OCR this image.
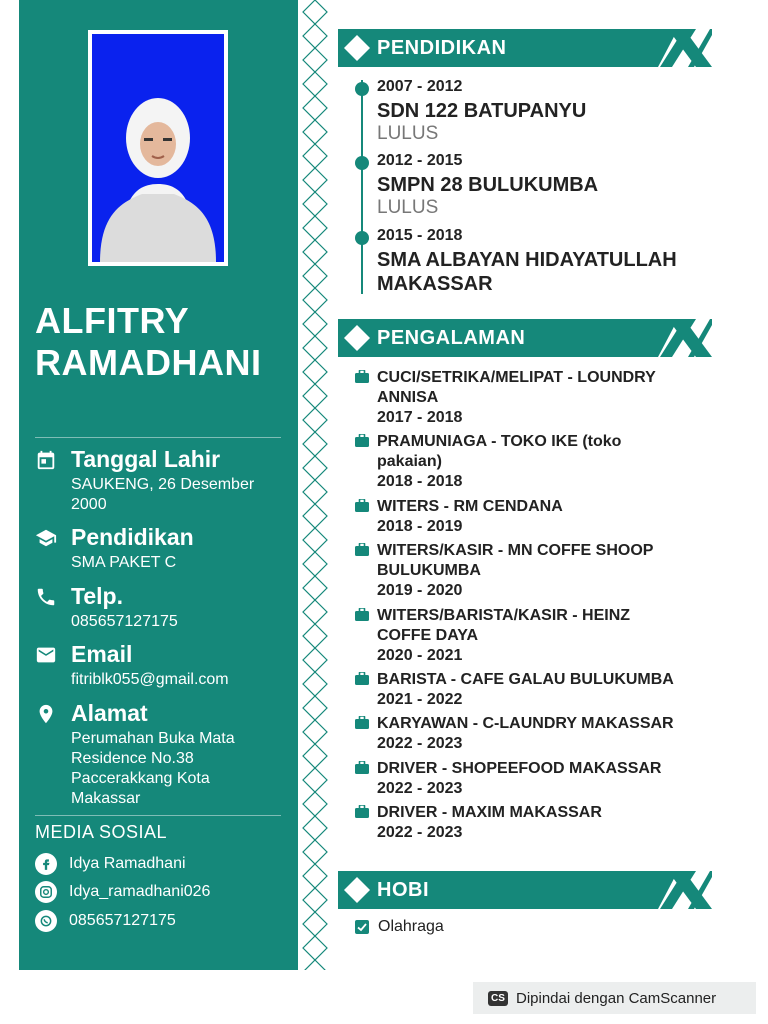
ALFITRY
RAMADHANI
Tanggal Lahir
SAUKENG, 26 Desember
2000
Pendidikan
SMA PAKET C
Telp.
085657127175
Email
fitriblk055@gmail.com
Alamat
Perumahan Buka Mata
Residence No.38
Paccerakkang Kota
Makassar
MEDIA SOSIAL
Idya Ramadhani
Idya_ramadhani026
085657127175
PENDIDIKAN
2007 - 2012
SDN 122 BATUPANYU
LULUS
2012 - 2015
SMPN 28 BULUKUMBA
LULUS
2015 - 2018
SMA ALBAYAN HIDAYATULLAH
MAKASSAR
PENGALAMAN
CUCI/SETRIKA/MELIPAT - LOUNDRY
ANNISA
2017 - 2018
PRAMUNIAGA - TOKO IKE (toko
pakaian)
2018 - 2018
WITERS - RM CENDANA
2018 - 2019
WITERS/KASIR - MN COFFE SHOOP
BULUKUMBA
2019 - 2020
WITERS/BARISTA/KASIR - HEINZ
COFFE DAYA
2020 - 2021
BARISTA - CAFE GALAU BULUKUMBA
2021 - 2022
KARYAWAN - C-LAUNDRY MAKASSAR
2022 - 2023
DRIVER - SHOPEEFOOD MAKASSAR
2022 - 2023
DRIVER - MAXIM MAKASSAR
2022 - 2023
HOBI
Olahraga
CS Dipindai dengan CamScanner
